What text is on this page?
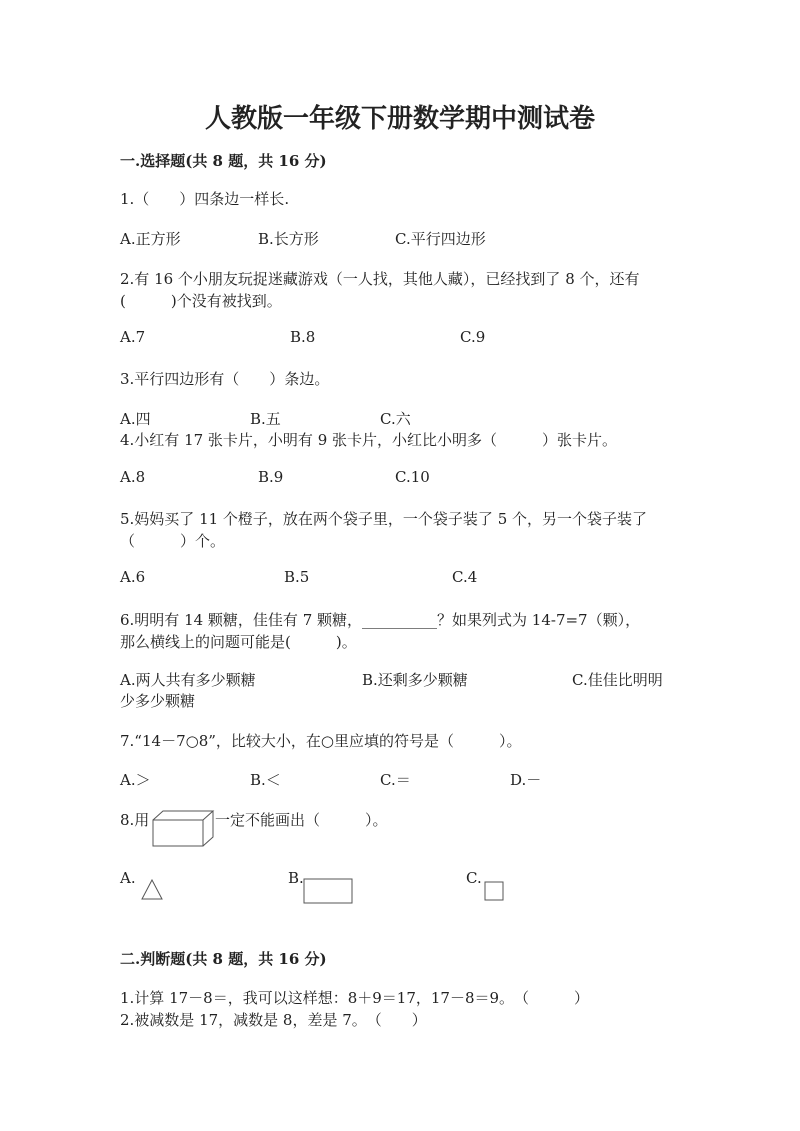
人教版一年级下册数学期中测试卷
一.选择题(共 8 题，共 16 分)
1.（　　）四条边一样长.
A.正方形	B.长方形	C.平行四边形
2.有 16 个小朋友玩捉迷藏游戏（一人找，其他人藏），已经找到了 8 个，还有
(　　　)个没有被找到。
A.7	B.8	C.9
3.平行四边形有（　　）条边。
A.四	B.五	C.六
4.小红有 17 张卡片，小明有 9 张卡片，小红比小明多（　　　）张卡片。
A.8	B.9	C.10
5.妈妈买了 11 个橙子，放在两个袋子里，一个袋子装了 5 个，另一个袋子装了
（　　　）个。
A.6	B.5	C.4
6.明明有 14 颗糖，佳佳有 7 颗糖，__________？如果列式为 14-7=7（颗），
那么横线上的问题可能是(　　　)。
A.两人共有多少颗糖	B.还剩多少颗糖	C.佳佳比明明
少多少颗糖
7.“14－7○8”，比较大小，在○里应填的符号是（　　　）。
A.＞	B.＜	C.＝	D.－
8.用	一定不能画出（　　　）。
A.	B.	C.
二.判断题(共 8 题，共 16 分)
1.计算 17－8＝，我可以这样想：8＋9＝17，17－8＝9。　（　　　）
2.被减数是 17，减数是 8，差是 7。　（　　）
